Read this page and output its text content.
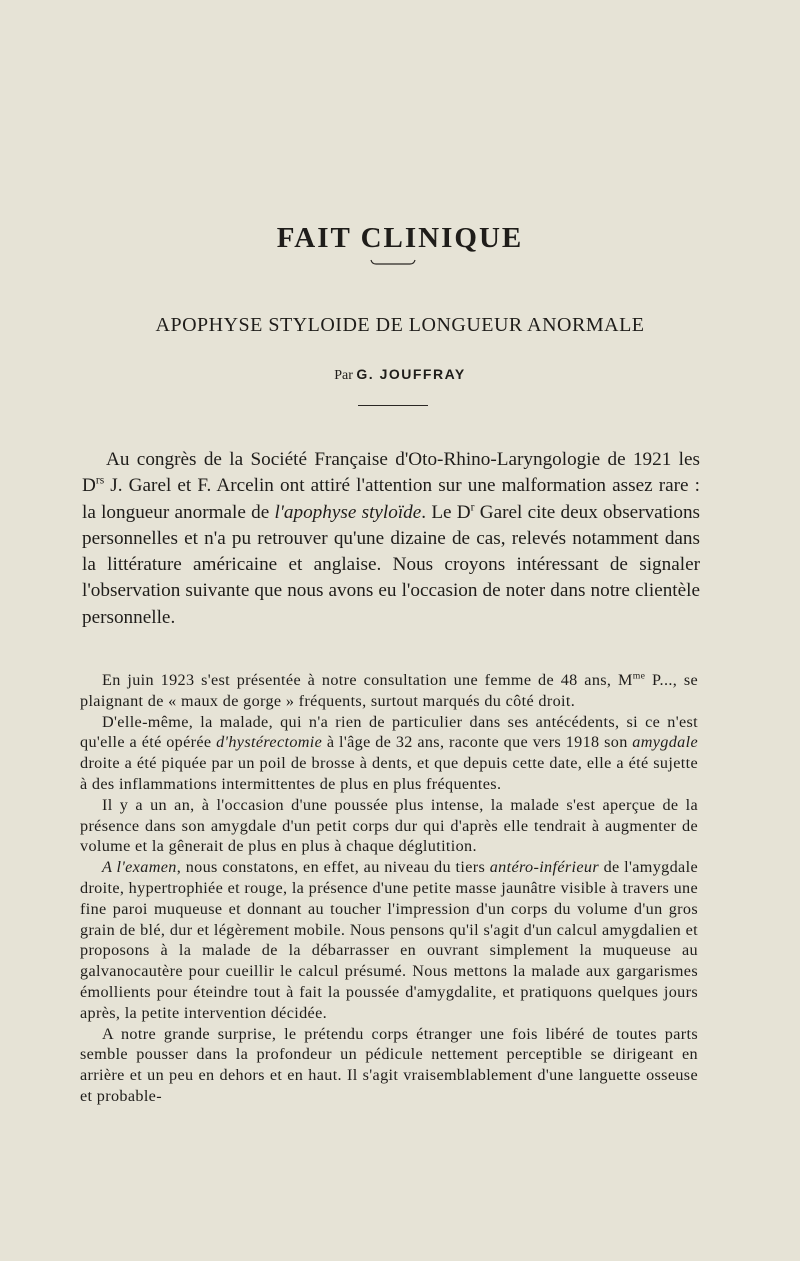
FAIT CLINIQUE
APOPHYSE STYLOIDE DE LONGUEUR ANORMALE
Par G. JOUFFRAY

Au congrès de la Société Française d'Oto-Rhino-Laryngologie de 1921 les $D^{rs}$ J. Garel et F. Arcelin ont attiré l'attention sur une malformation assez rare : la longueur anormale de l'apophyse styloïde. Le $D^r$ Garel cite deux observations personnelles et n'a pu retrouver qu'une dizaine de cas, relevés notamment dans la littérature américaine et anglaise. Nous croyons intéressant de signaler l'observation suivante que nous avons eu l'occasion de noter dans notre clientèle personnelle.

En juin 1923 s'est présentée à notre consultation une femme de 48 ans, $M^{me}$ P..., se plaignant de « maux de gorge » fréquents, surtout marqués du côté droit.

D'elle-même, la malade, qui n'a rien de particulier dans ses antécédents, si ce n'est qu'elle a été opérée d'hystérectomie à l'âge de 32 ans, raconte que vers 1918 son amygdale droite a été piquée par un poil de brosse à dents, et que depuis cette date, elle a été sujette à des inflammations intermittentes de plus en plus fréquentes.

Il y a un an, à l'occasion d'une poussée plus intense, la malade s'est aperçue de la présence dans son amygdale d'un petit corps dur qui d'après elle tendrait à augmenter de volume et la gênerait de plus en plus à chaque déglutition.

A l'examen, nous constatons, en effet, au niveau du tiers antéro-inférieur de l'amygdale droite, hypertrophiée et rouge, la présence d'une petite masse jaunâtre visible à travers une fine paroi muqueuse et donnant au toucher l'impression d'un corps du volume d'un gros grain de blé, dur et légèrement mobile. Nous pensons qu'il s'agit d'un calcul amygdalien et proposons à la malade de la débarrasser en ouvrant simplement la muqueuse au galvanocautère pour cueillir le calcul présumé. Nous mettons la malade aux gargarismes émollients pour éteindre tout à fait la poussée d'amygdalite, et pratiquons quelques jours après, la petite intervention décidée.

A notre grande surprise, le prétendu corps étranger une fois libéré de toutes parts semble pousser dans la profondeur un pédicule nettement perceptible se dirigeant en arrière et un peu en dehors et en haut. Il s'agit vraisemblablement d'une languette osseuse et probable-
